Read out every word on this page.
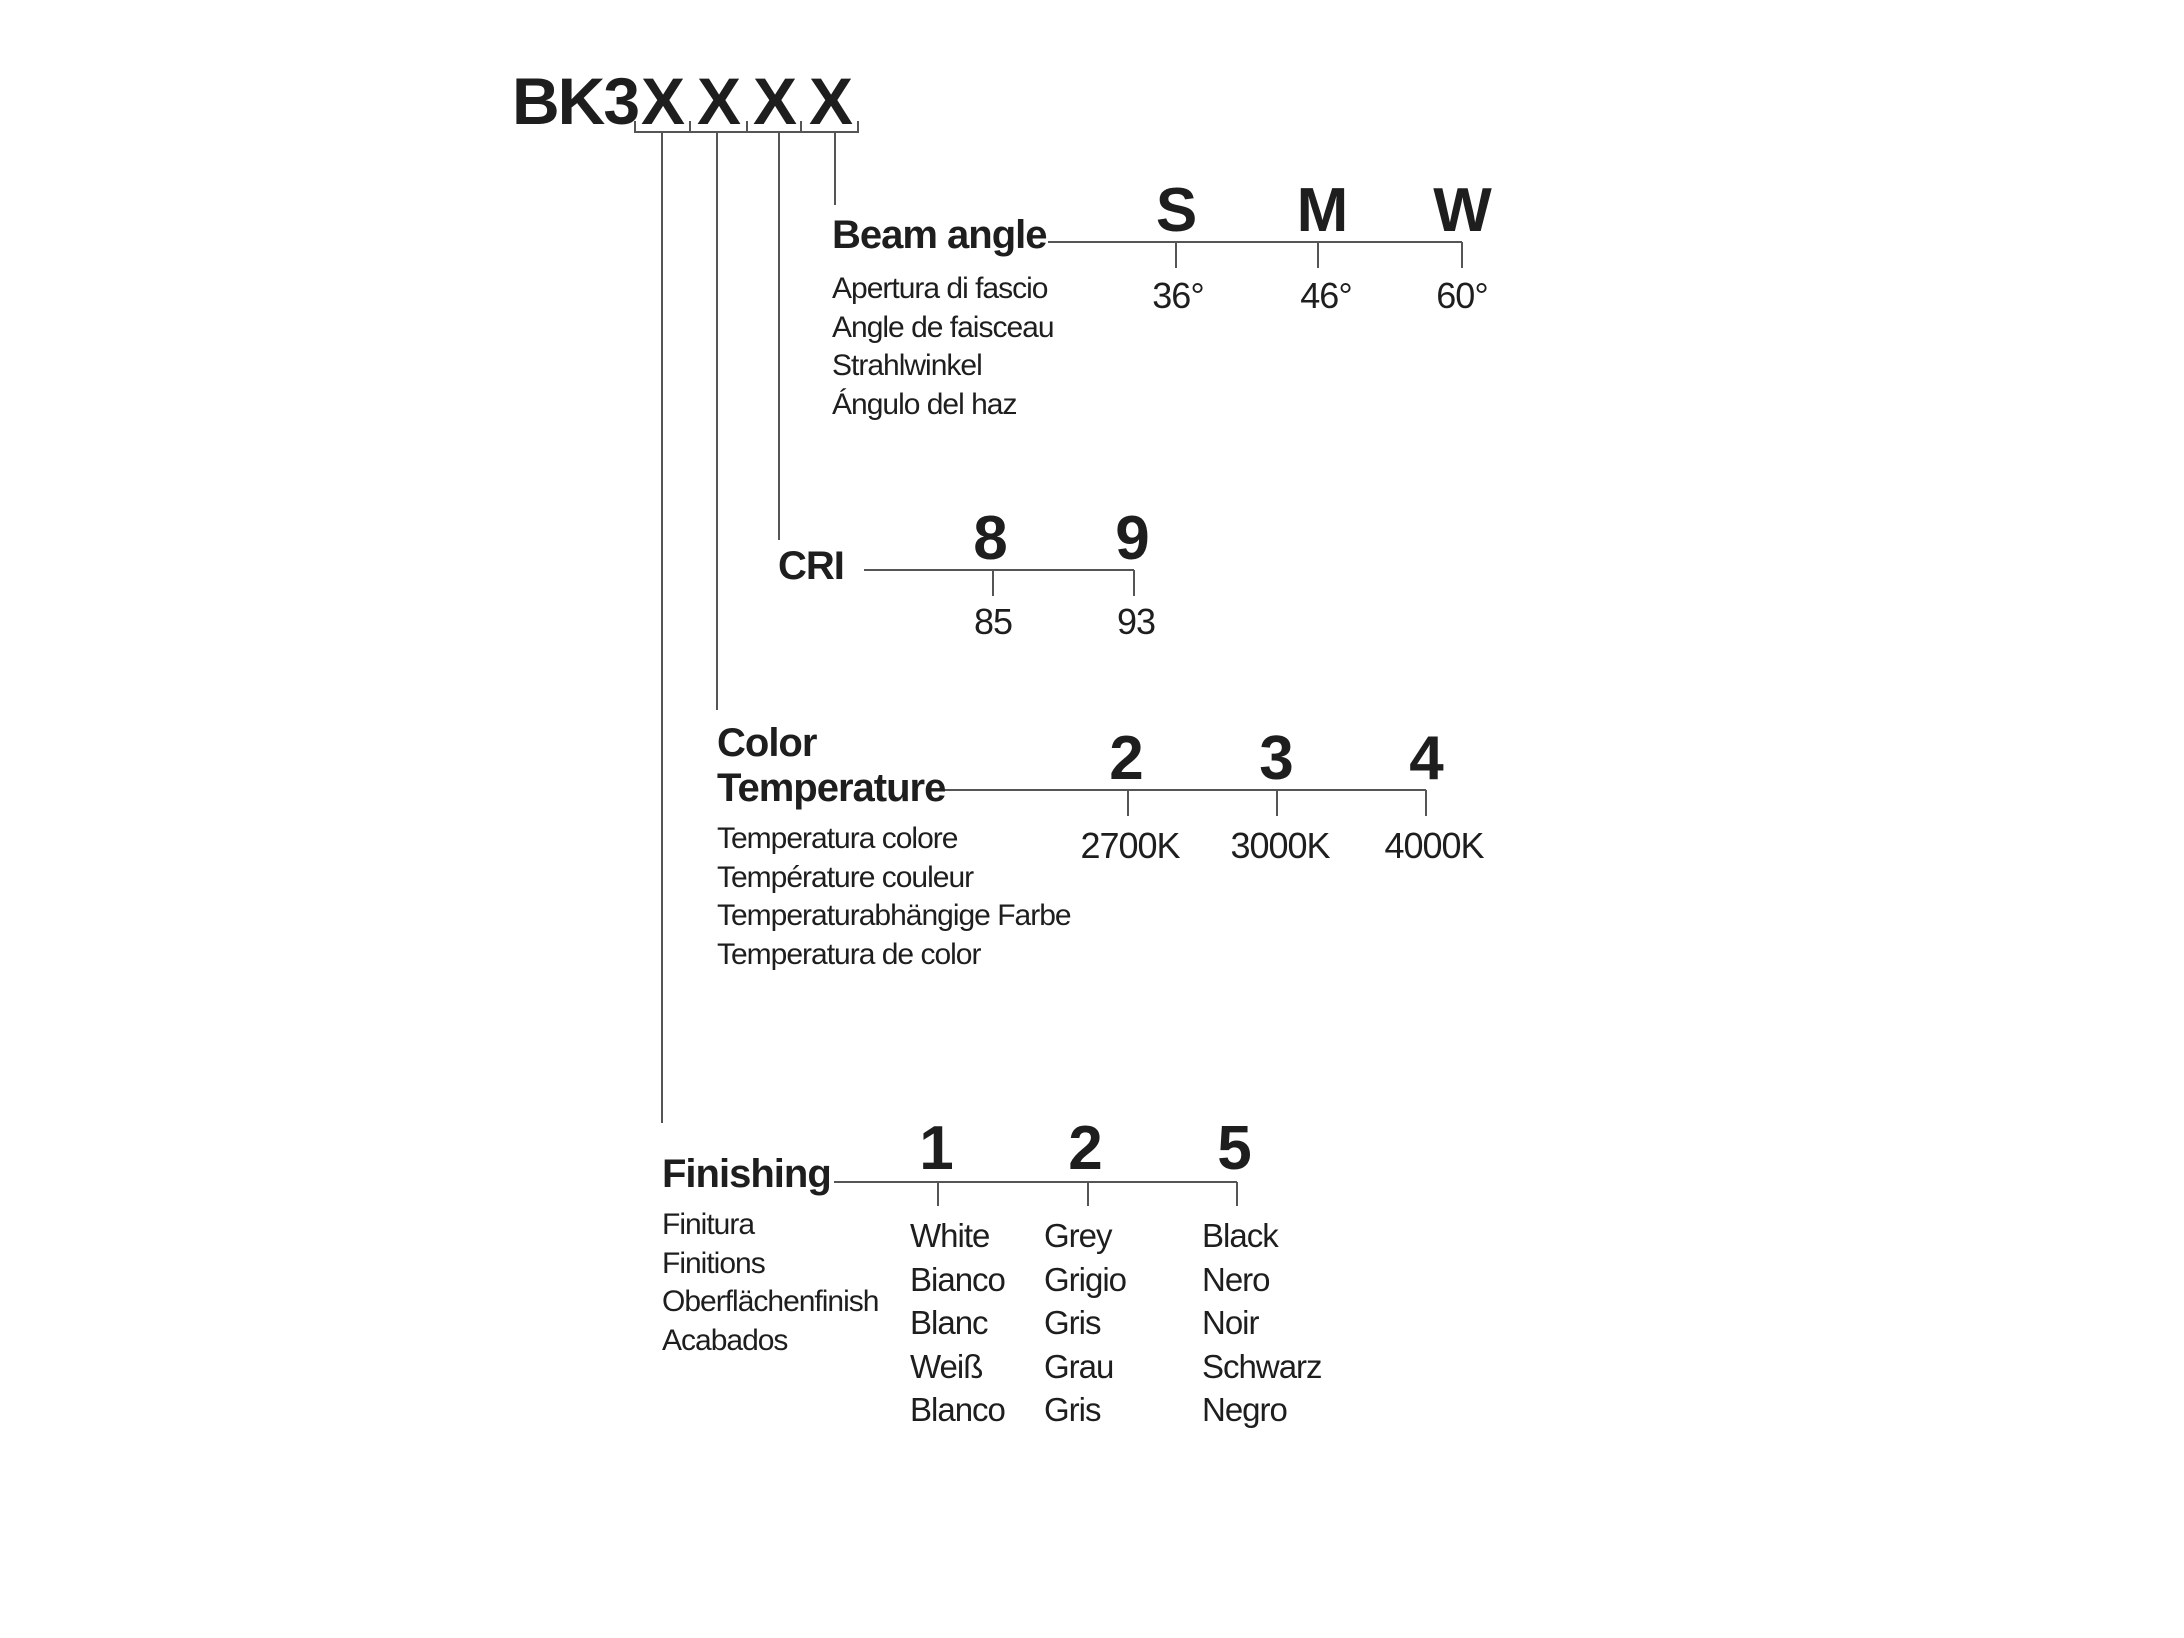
BK3 X X X X
Beam angle
Apertura di fascio
Angle de faisceau
Strahlwinkel
Ángulo del haz
S M W
36°	46° 60°
CRI 8 9
85	93
Color
Temperature
Temperatura colore
Température couleur
Temperaturabhängige Farbe
Temperatura de color
2 3 4
2700K 3000K 4000K
Finishing
Finitura
Finitions
Oberflächenfinish
Acabados
1 2 5
White
Bianco
Blanc
Weiß
Blanco
Grey
Grigio
Gris
Grau
Gris
Black
Nero
Noir
Schwarz
Negro
